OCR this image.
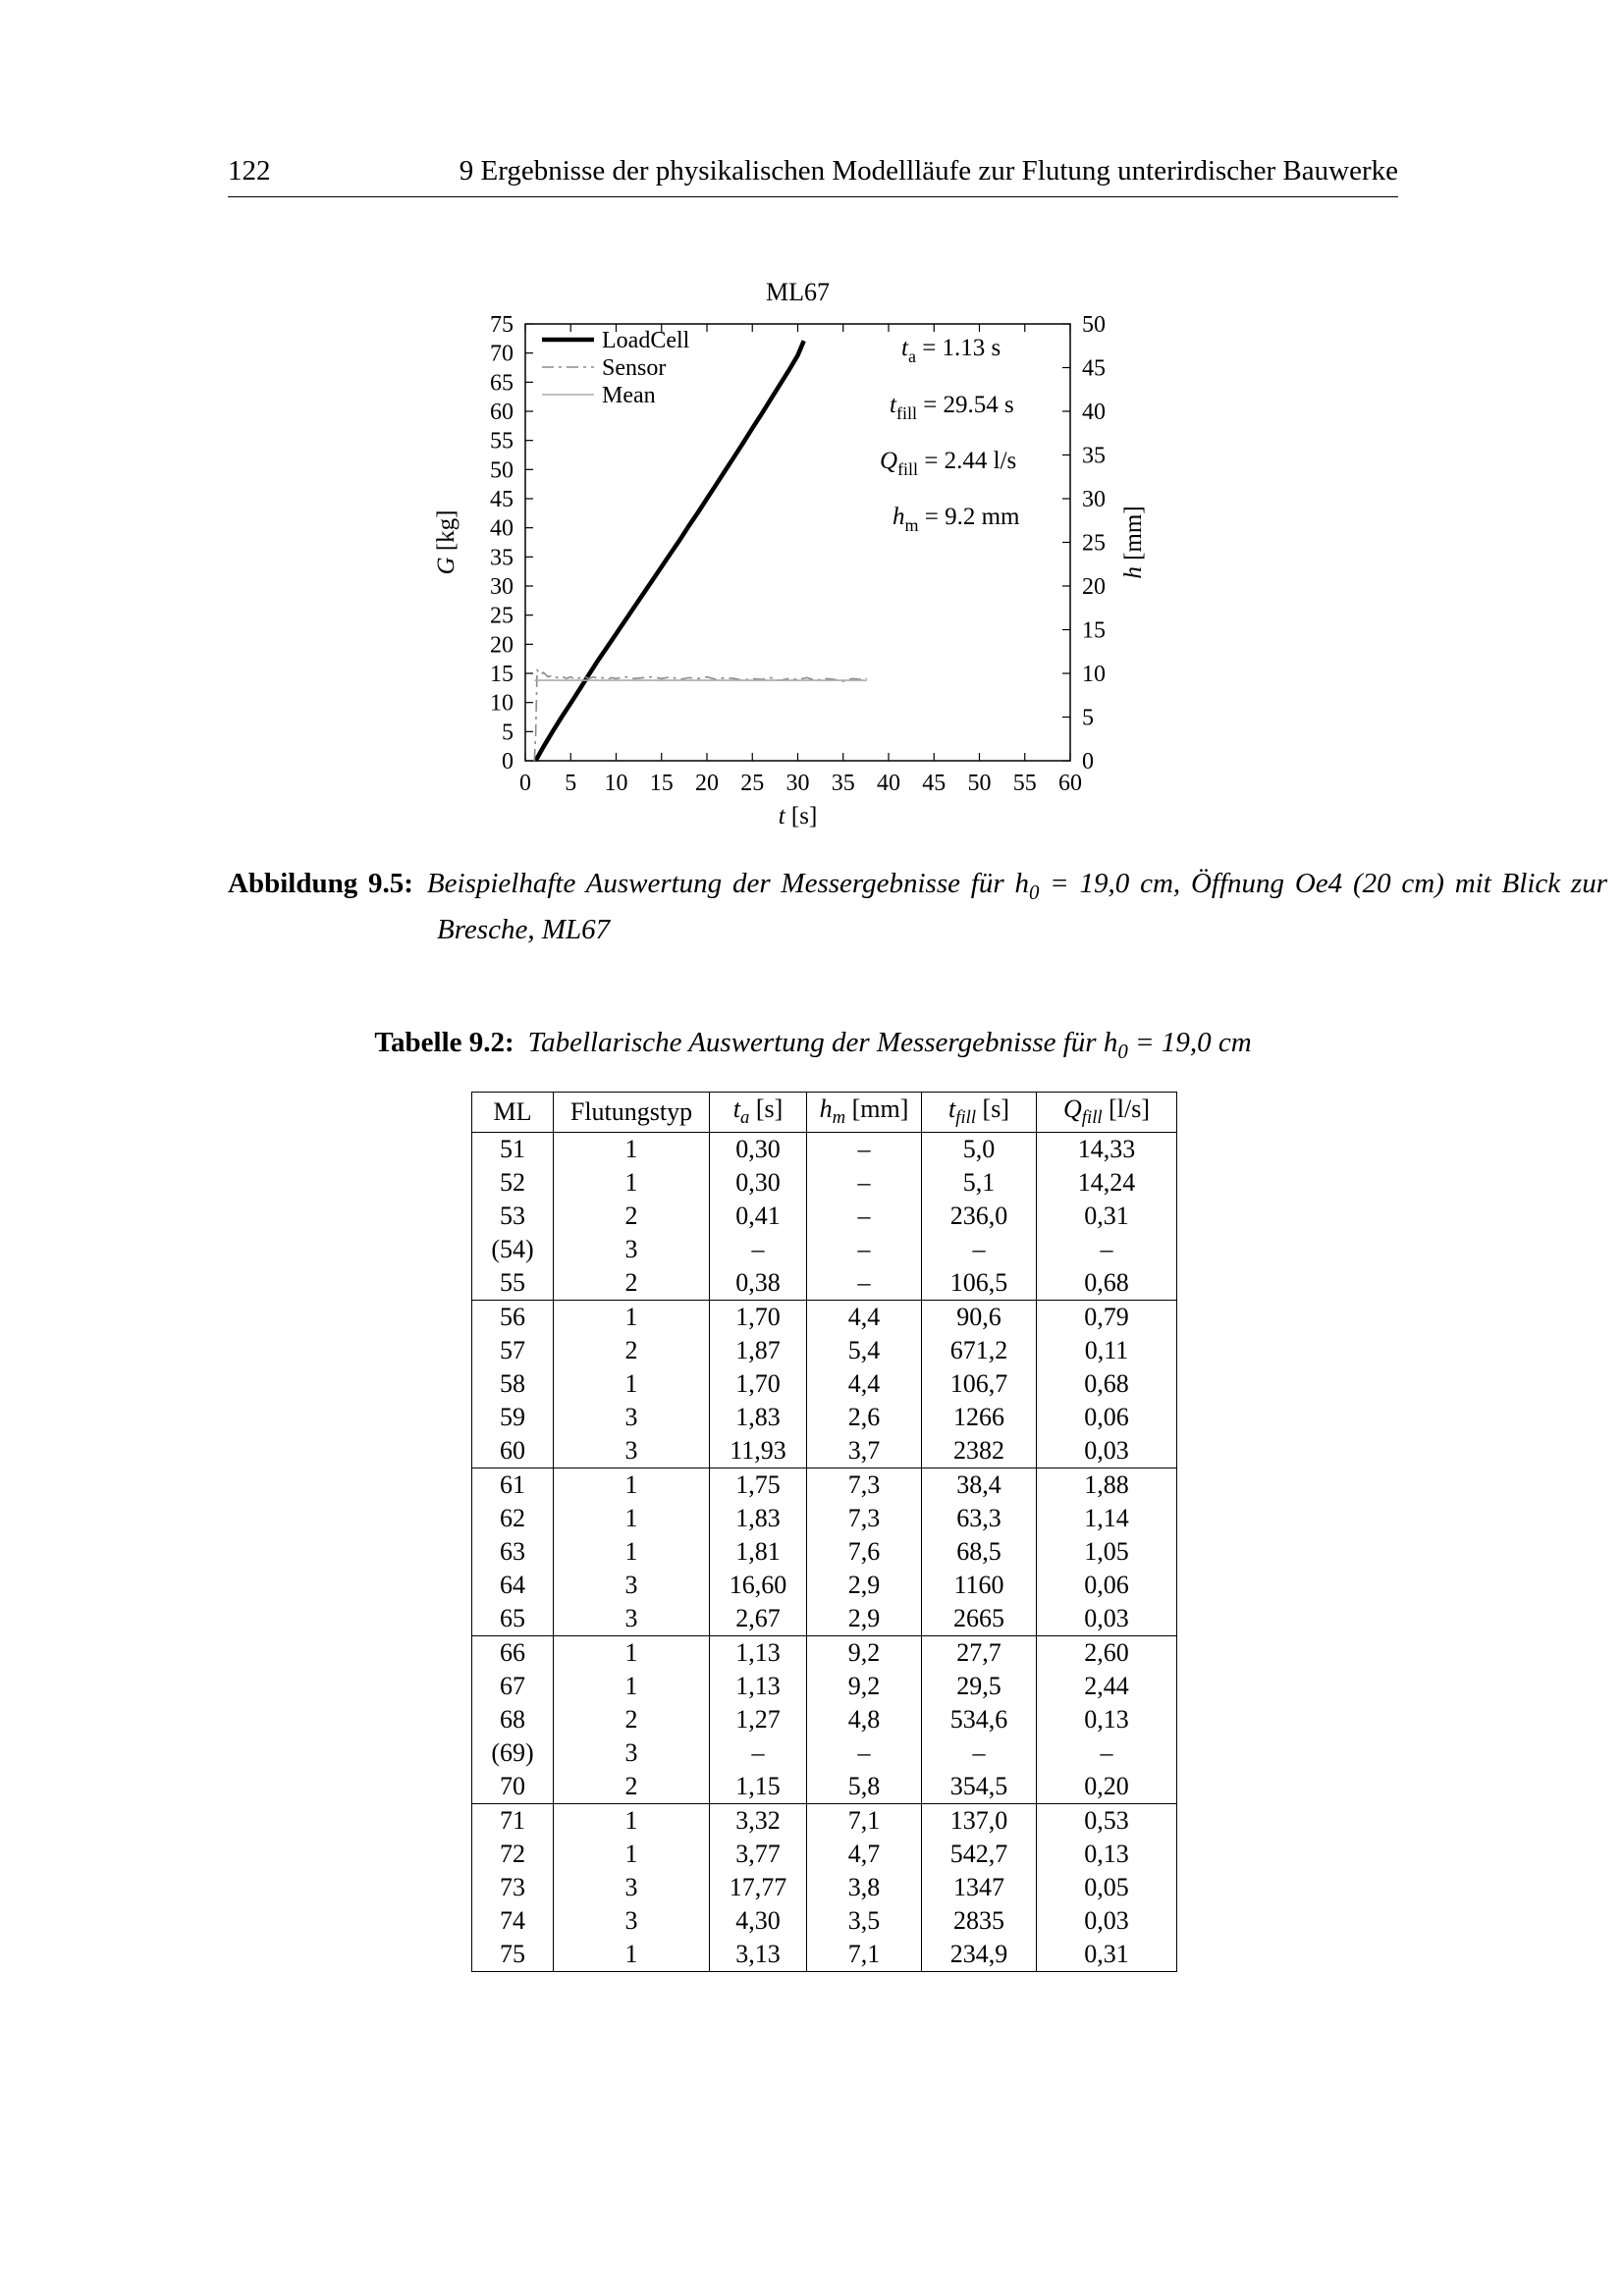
122	9 Ergebnisse der physikalischen Modellläufe zur Flutung unterirdischer Bauwerke
0 5 10 15 20 25 30 35 40 45 50 55 60
0
5
10
15
20
25
30
35
40
45
50
55
60
65
70
75
0
5
10
15
20
25
30
35
40
45
50
ML67
t [s]
G [kg]
h [mm]
LoadCell
Sensor
Mean
$t_a = 1.13$ s
$t_{fill} = 29.54$ s
$Q_{fill} = 2.44$ l/s
$h_m = 9.2$ mm
Abbildung 9.5: Beispielhafte Auswertung der Messergebnisse für $h_0 = 19,0$ cm, Öffnung Oe4 (20 cm) mit Blick zur Bresche, ML67
Tabelle 9.2: Tabellarische Auswertung der Messergebnisse für $h_0 = 19,0$ cm
ML	Flutungstyp	$t_a$ [s]	$h_m$ [mm]	$t_{fill}$ [s]	$Q_{fill}$ [l/s]
51	1	0,30	–	5,0	14,33
52	1	0,30	–	5,1	14,24
53	2	0,41	–	236,0	0,31
(54)	3	–	–	–	–
55	2	0,38	–	106,5	0,68
56	1	1,70	4,4	90,6	0,79
57	2	1,87	5,4	671,2	0,11
58	1	1,70	4,4	106,7	0,68
59	3	1,83	2,6	1266	0,06
60	3	11,93	3,7	2382	0,03
61	1	1,75	7,3	38,4	1,88
62	1	1,83	7,3	63,3	1,14
63	1	1,81	7,6	68,5	1,05
64	3	16,60	2,9	1160	0,06
65	3	2,67	2,9	2665	0,03
66	1	1,13	9,2	27,7	2,60
67	1	1,13	9,2	29,5	2,44
68	2	1,27	4,8	534,6	0,13
(69)	3	–	–	–	–
70	2	1,15	5,8	354,5	0,20
71	1	3,32	7,1	137,0	0,53
72	1	3,77	4,7	542,7	0,13
73	3	17,77	3,8	1347	0,05
74	3	4,30	3,5	2835	0,03
75	1	3,13	7,1	234,9	0,31
